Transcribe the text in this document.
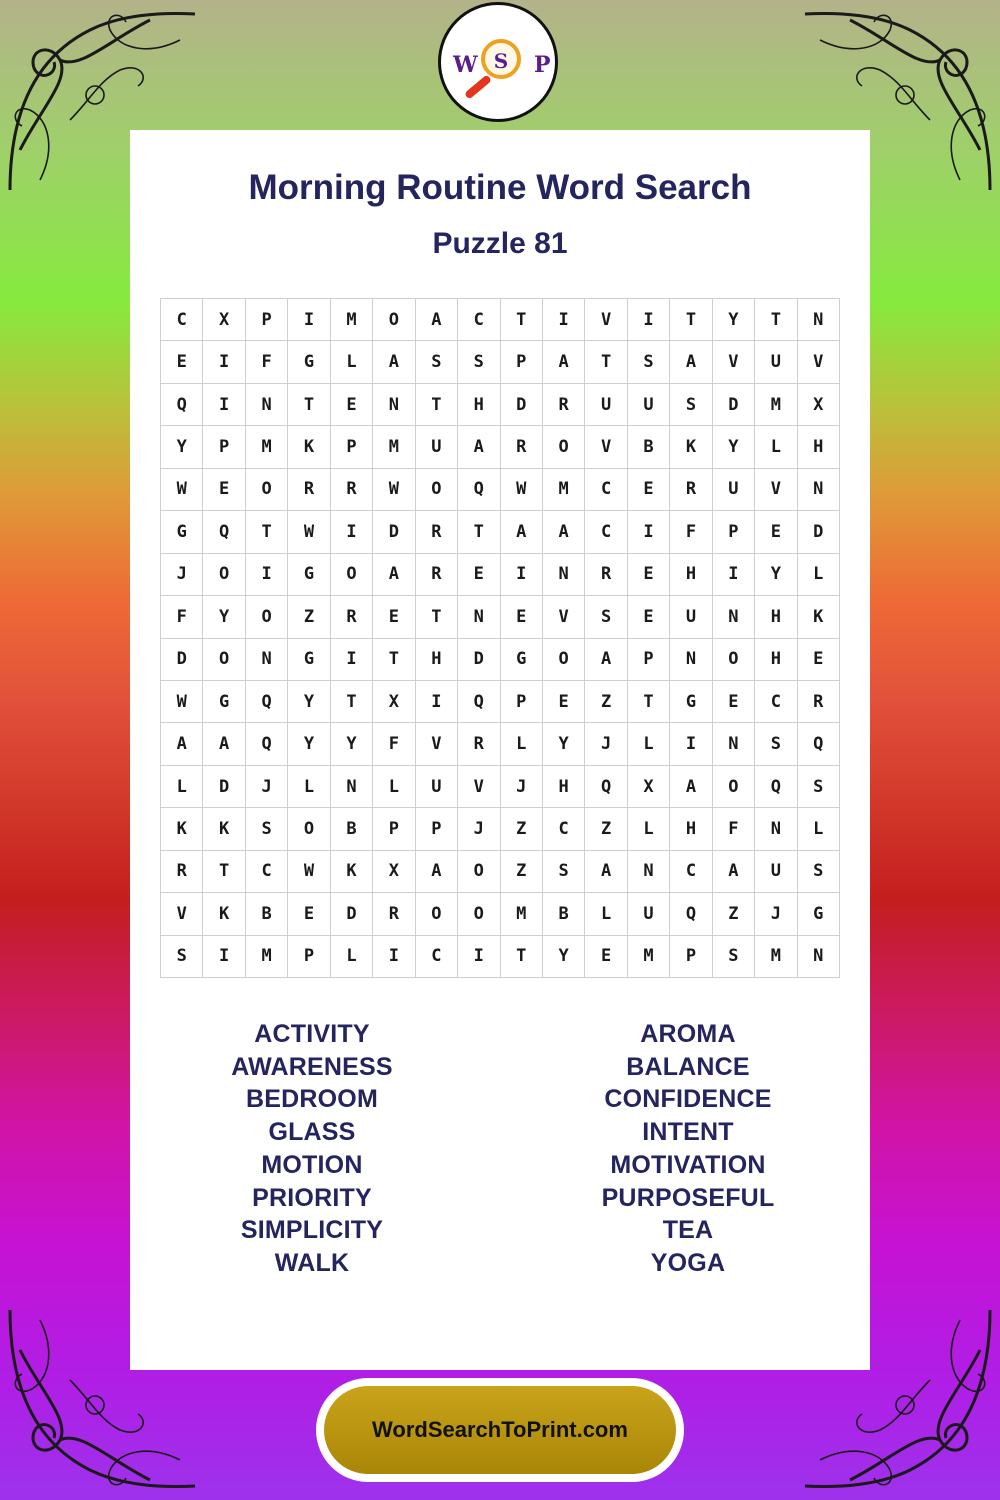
W S	P
Morning Routine Word Search
Puzzle 81
C	X	P	I	M	O	A	C	T	I	V	I	T	Y	T	N
E	I	F	G	L	A	S	S	P	A	T	S	A	V	U	V
Q	I	N	T	E	N	T	H	D	R	U	U	S	D	M	X
Y	P	M	K	P	M	U	A	R	O	V	B	K	Y	L	H
W	E	O	R	R	W	O	Q	W	M	C	E	R	U	V	N
G	Q	T	W	I	D	R	T	A	A	C	I	F	P	E	D
J	O	I	G	O	A	R	E	I	N	R	E	H	I	Y	L
F	Y	O	Z	R	E	T	N	E	V	S	E	U	N	H	K
D	O	N	G	I	T	H	D	G	O	A	P	N	O	H	E
W	G	Q	Y	T	X	I	Q	P	E	Z	T	G	E	C	R
A	A	Q	Y	Y	F	V	R	L	Y	J	L	I	N	S	Q
L	D	J	L	N	L	U	V	J	H	Q	X	A	O	Q	S
K	K	S	O	B	P	P	J	Z	C	Z	L	H	F	N	L
R	T	C	W	K	X	A	O	Z	S	A	N	C	A	U	S
V	K	B	E	D	R	O	O	M	B	L	U	Q	Z	J	G
S	I	M	P	L	I	C	I	T	Y	E	M	P	S	M	N
ACTIVITY
AWARENESS
BEDROOM
GLASS
MOTION
PRIORITY
SIMPLICITY
WALK
AROMA
BALANCE
CONFIDENCE
INTENT
MOTIVATION
PURPOSEFUL
TEA
YOGA
WordSearchToPrint.com
